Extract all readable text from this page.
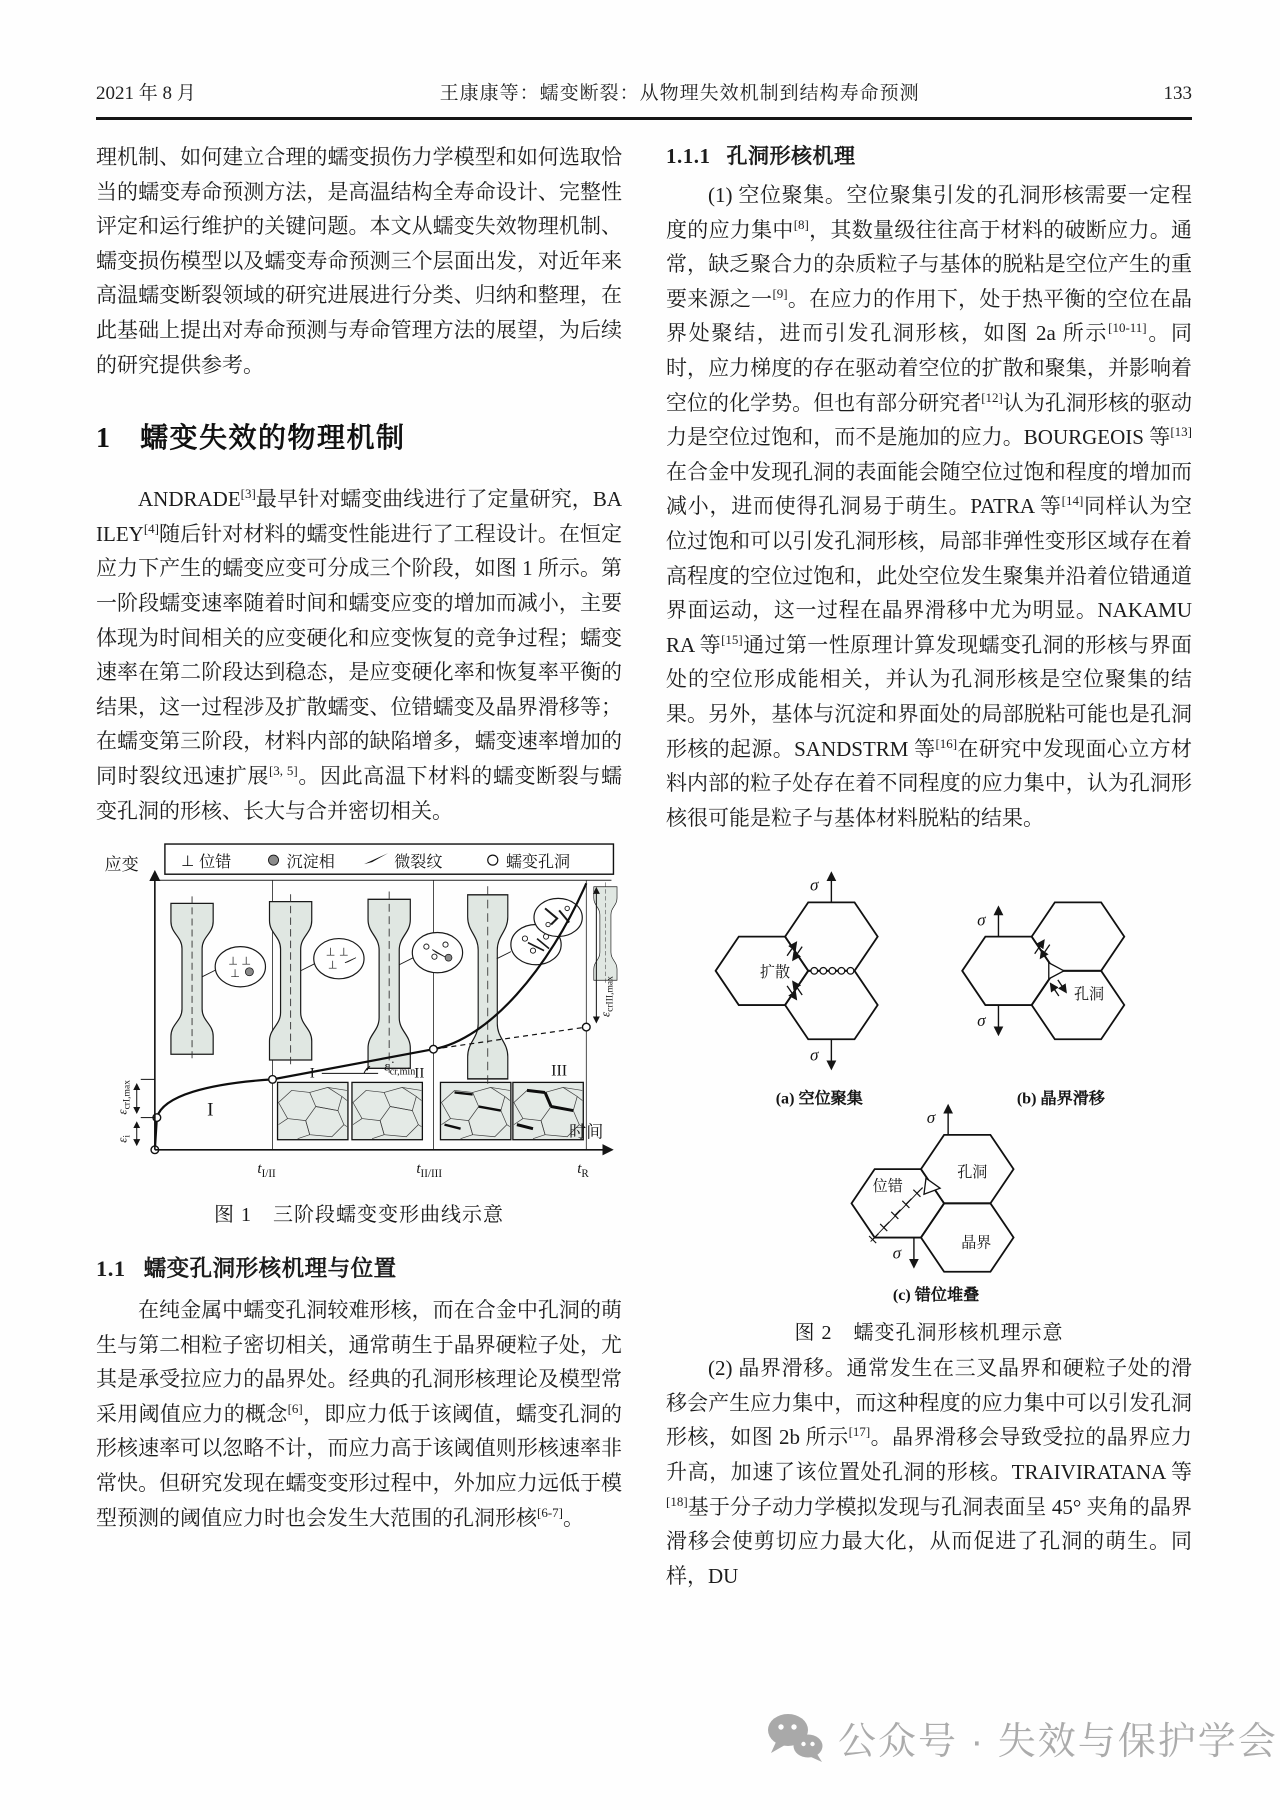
2021 年 8 月	王康康等：蠕变断裂：从物理失效机制到结构寿命预测	133

理机制、如何建立合理的蠕变损伤力学模型和如何选取恰当的蠕变寿命预测方法，是高温结构全寿命设计、完整性评定和运行维护的关键问题。本文从蠕变失效物理机制、蠕变损伤模型以及蠕变寿命预测三个层面出发，对近年来高温蠕变断裂领域的研究进展进行分类、归纳和整理，在此基础上提出对寿命预测与寿命管理方法的展望，为后续的研究提供参考。

1 蠕变失效的物理机制

ANDRADE[3]最早针对蠕变曲线进行了定量研究，BAILEY[4]随后针对材料的蠕变性能进行了工程设计。在恒定应力下产生的蠕变应变可分成三个阶段，如图 1 所示。第一阶段蠕变速率随着时间和蠕变应变的增加而减小，主要体现为时间相关的应变硬化和应变恢复的竞争过程；蠕变速率在第二阶段达到稳态，是应变硬化率和恢复率平衡的结果，这一过程涉及扩散蠕变、位错蠕变及晶界滑移等；在蠕变第三阶段，材料内部的缺陷增多，蠕变速率增加的同时裂纹迅速扩展[3, 5]。因此高温下材料的蠕变断裂与蠕变孔洞的形核、长大与合并密切相关。

⊥ ⊥
⊥
⊥ ⊥
⊥
应变
时间
⊥ 位错	沉淀相	微裂纹	蠕变孔洞
$\varepsilon_{crI,max}$
$\varepsilon_i$
$\varepsilon_{crIII,max}$
$\varepsiloṅ_{cr,min}$
I
I	II	III
$t_{I/II}$	$t_{II/III}$	$t_R$
图 1　三阶段蠕变变形曲线示意
1.1 蠕变孔洞形核机理与位置

在纯金属中蠕变孔洞较难形核，而在合金中孔洞的萌生与第二相粒子密切相关，通常萌生于晶界硬粒子处，尤其是承受拉应力的晶界处。经典的孔洞形核理论及模型常采用阈值应力的概念[6]，即应力低于该阈值，蠕变孔洞的形核速率可以忽略不计，而应力高于该阈值则形核速率非常快。但研究发现在蠕变变形过程中，外加应力远低于模型预测的阈值应力时也会发生大范围的孔洞形核[6-7]。

1.1.1 孔洞形核机理

(1) 空位聚集。空位聚集引发的孔洞形核需要一定程度的应力集中[8]，其数量级往往高于材料的破断应力。通常，缺乏聚合力的杂质粒子与基体的脱粘是空位产生的重要来源之一[9]。在应力的作用下，处于热平衡的空位在晶界处聚结，进而引发孔洞形核，如图 2a 所示[10-11]。同时，应力梯度的存在驱动着空位的扩散和聚集，并影响着空位的化学势。但也有部分研究者[12]认为孔洞形核的驱动力是空位过饱和，而不是施加的应力。BOURGEOIS 等[13]在合金中发现孔洞的表面能会随空位过饱和程度的增加而减小，进而使得孔洞易于萌生。PATRA 等[14]同样认为空位过饱和可以引发孔洞形核，局部非弹性变形区域存在着高程度的空位过饱和，此处空位发生聚集并沿着位错通道界面运动，这一过程在晶界滑移中尤为明显。NAKAMURA 等[15]通过第一性原理计算发现蠕变孔洞的形核与界面处的空位形成能相关，并认为孔洞形核是空位聚集的结果。另外，基体与沉淀和界面处的局部脱粘可能也是孔洞形核的起源。SANDSTRM 等[16]在研究中发现面心立方材料内部的粒子处存在着不同程度的应力集中，认为孔洞形核很可能是粒子与基体材料脱粘的结果。

σ
σ
扩散
(a) 空位聚集
σ
σ
孔洞
(b) 晶界滑移
σ
σ
位错
孔洞
晶界
(c) 错位堆叠
图 2　蠕变孔洞形核机理示意

(2) 晶界滑移。通常发生在三叉晶界和硬粒子处的滑移会产生应力集中，而这种程度的应力集中可以引发孔洞形核，如图 2b 所示[17]。晶界滑移会导致受拉的晶界应力升高，加速了该位置处孔洞的形核。TRAIVIRATANA 等[18]基于分子动力学模拟发现与孔洞表面呈 45° 夹角的晶界滑移会使剪切应力最大化，从而促进了孔洞的萌生。同样，DU

公众号 · 失效与保护学会
